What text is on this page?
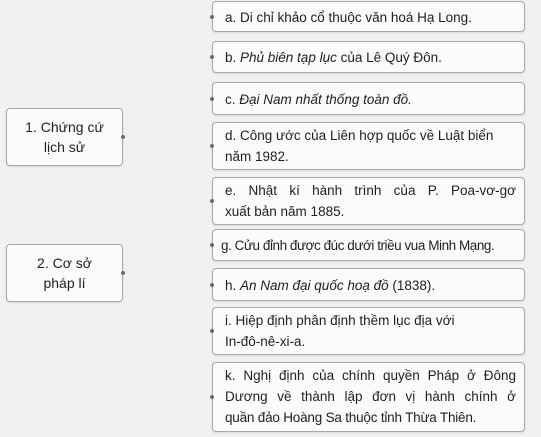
1. Chứng cứ
lịch sử
2. Cơ sở
pháp lí
a. Di chỉ khảo cổ thuộc văn hoá Hạ Long.
b. Phủ biên tạp lục của Lê Quý Đôn.
c. Đại Nam nhất thống toàn đồ.
d. Công ước của Liên hợp quốc về Luật biển
năm 1982.
e. Nhật kí hành trình của P. Poa-vơ-gơ
xuất bản năm 1885.
g. Cửu đỉnh được đúc dưới triều vua Minh Mạng.
h. An Nam đại quốc hoạ đồ (1838).
i. Hiệp định phân định thềm lục địa với
In-đô-nê-xi-a.
k. Nghị định của chính quyền Pháp ở Đông
Dương về thành lập đơn vị hành chính ở
quần đảo Hoàng Sa thuộc tỉnh Thừa Thiên.
